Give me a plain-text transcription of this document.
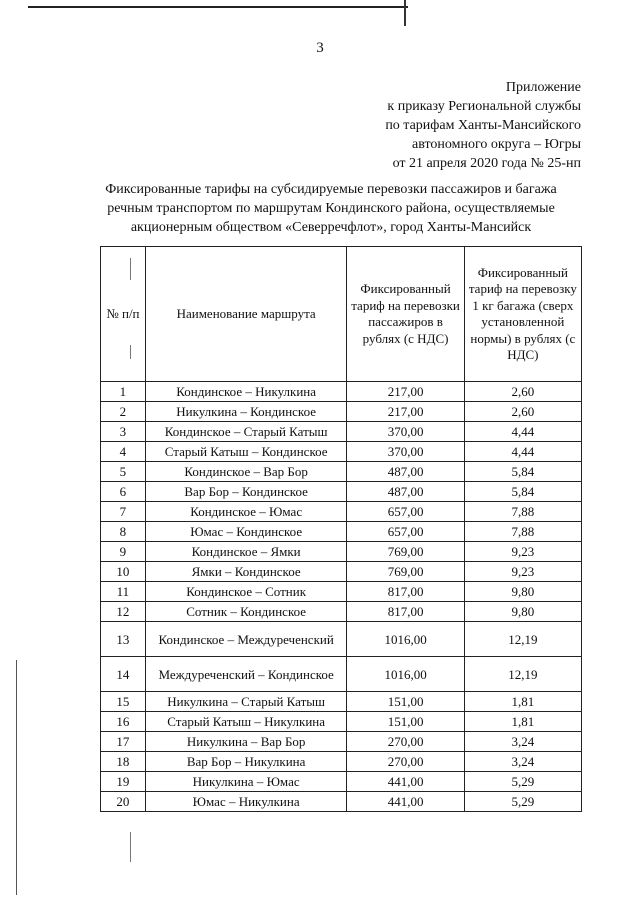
3
Приложение
к приказу Региональной службы
по тарифам Ханты-Мансийского
автономного округа – Югры
от 21 апреля 2020 года № 25-нп
Фиксированные тарифы на субсидируемые перевозки пассажиров и багажа
речным транспортом по маршрутам Кондинского района, осуществляемые
акционерным обществом «Северречфлот», город Ханты-Мансийск
№ п/п	Наименование маршрута	Фиксированный тариф на перевозки пассажиров в рублях (с НДС)	Фиксированный тариф на перевозку 1 кг багажа (сверх установленной нормы) в рублях (с НДС)
1	Кондинское – Никулкина	217,00	2,60
2	Никулкина – Кондинское	217,00	2,60
3	Кондинское – Старый Катыш	370,00	4,44
4	Старый Катыш – Кондинское	370,00	4,44
5	Кондинское – Вар Бор	487,00	5,84
6	Вар Бор – Кондинское	487,00	5,84
7	Кондинское – Юмас	657,00	7,88
8	Юмас – Кондинское	657,00	7,88
9	Кондинское – Ямки	769,00	9,23
10	Ямки – Кондинское	769,00	9,23
11	Кондинское – Сотник	817,00	9,80
12	Сотник – Кондинское	817,00	9,80
13	Кондинское – Междуреченский	1016,00	12,19
14	Междуреченский – Кондинское	1016,00	12,19
15	Никулкина – Старый Катыш	151,00	1,81
16	Старый Катыш – Никулкина	151,00	1,81
17	Никулкина – Вар Бор	270,00	3,24
18	Вар Бор – Никулкина	270,00	3,24
19	Никулкина – Юмас	441,00	5,29
20	Юмас – Никулкина	441,00	5,29
